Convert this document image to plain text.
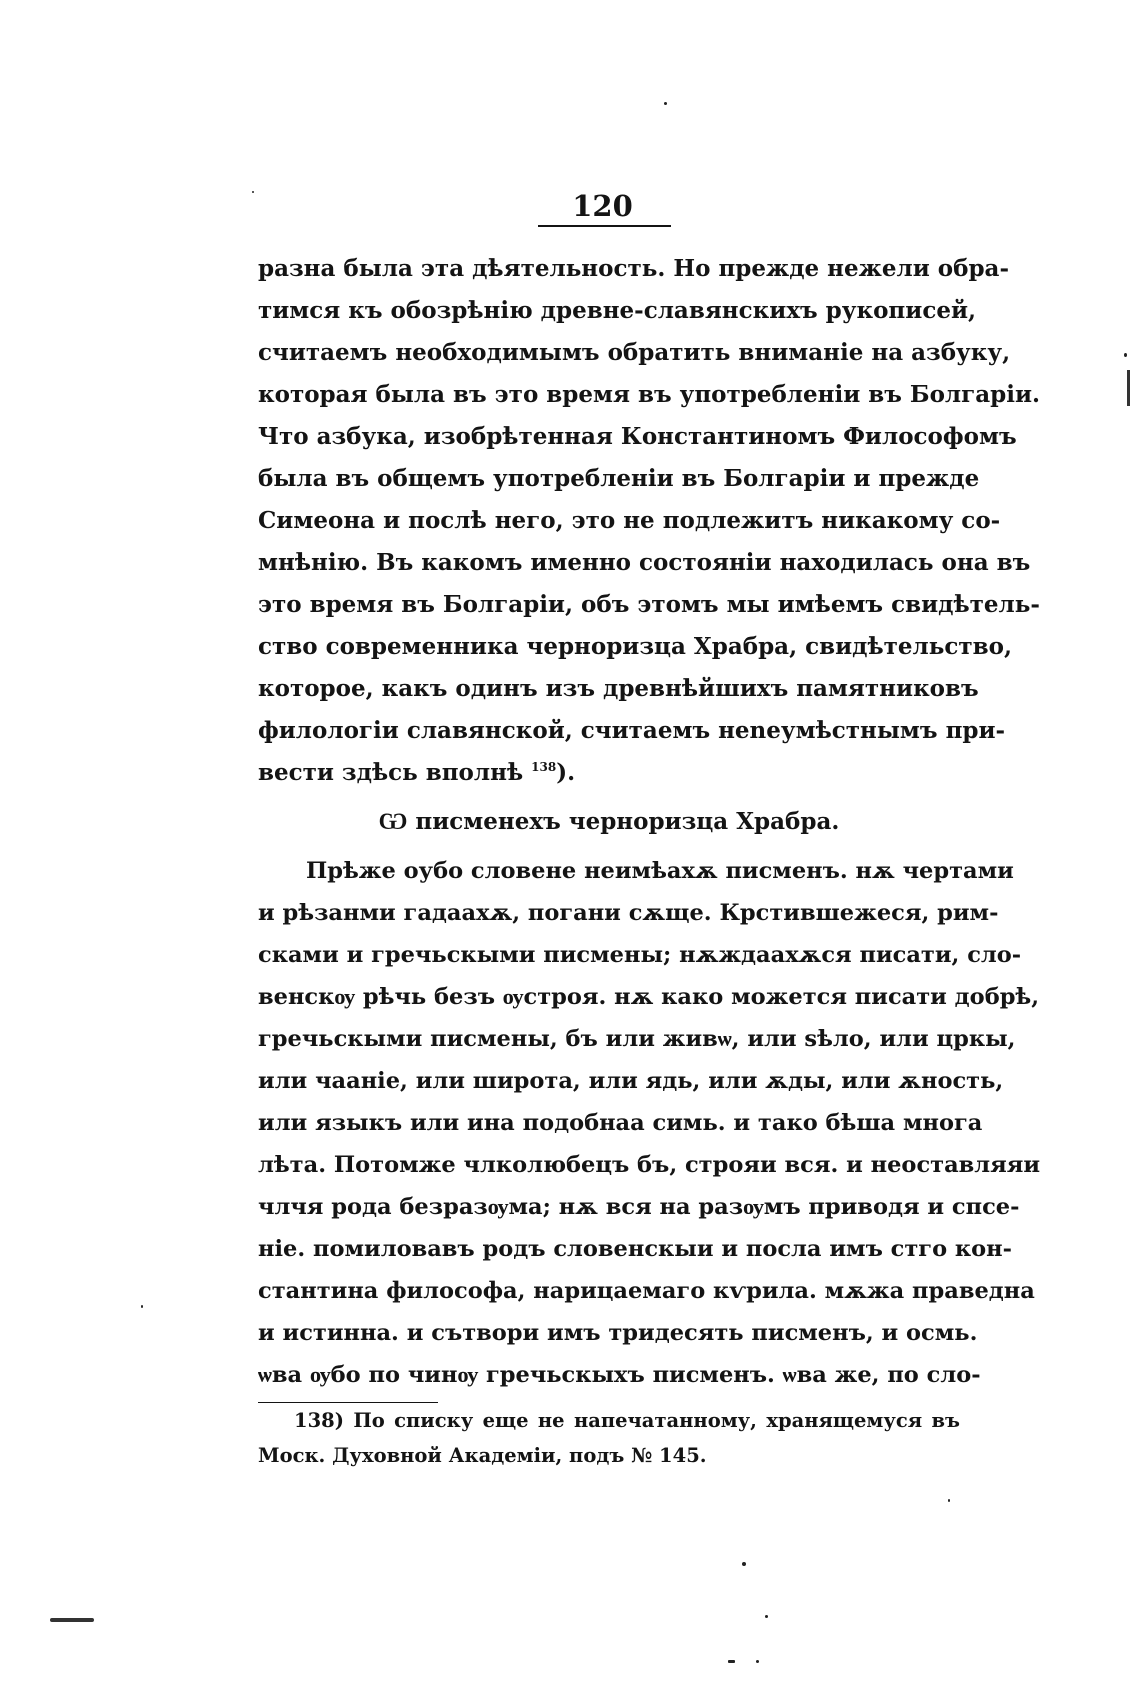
120
разна была эта дѣятельность. Но прежде нежели обра-
тимся къ обозрѣнію древне-славянскихъ рукописей,
считаемъ необходимымъ обратить вниманіе на азбуку,
которая была въ это время въ употребленіи въ Болгаріи.
Что азбука, изобрѣтенная Константиномъ Философомъ
была въ общемъ употребленіи въ Болгаріи и прежде
Симеона и послѣ него, это не подлежитъ никакому со-
мнѣнію. Въ какомъ именно состояніи находилась она въ
это время въ Болгаріи, объ этомъ мы имѣемъ свидѣтель-
ство современника черноризца Храбра, свидѣтельство,
которое, какъ одинъ изъ древнѣйшихъ памятниковъ
филологіи славянской, считаемъ неneумѣстнымъ при-
вести здѣсь вполнѣ $^{138}$).
Ѡ писменехъ черноризца Храбра.
Прѣже оубо словене неимѣахѫ писменъ. нѫ чертами
и рѣзанми гадаахѫ, погани сѫще. Крстившежеся, рим-
сками и гречьскыми писмены; нѫждаахѫся писати, сло-
венскѹ рѣчь безъ ѹстроя. нѫ како можется писати добрѣ,
гречьскыми писмены, бъ или живѡ, или ѕѣло, или цркы,
или чааніе, или широта, или ядь, или ѫды, или ѫность,
или языкъ или ина подобнаа симь. и тако бѣша многа
лѣта. Потомже члколюбецъ бъ, строяи вся. и неоставляяи
члчя рода безразѹма; нѫ вся на разѹмъ приводя и спсе-
ніе. помиловавъ родъ словенскыи и посла имъ стго кон-
стантина философа, нарицаемаго кѵрила. мѫжа праведна
и истинна. и сътвори имъ тридесять писменъ, и осмь.
ѡва ѹбо по чинѹ гречьскыхъ писменъ. ѡва же, по сло-
138) По списку еще не напечатанному, хранящемуся въ
Моск. Духовной Академіи, подъ № 145.
